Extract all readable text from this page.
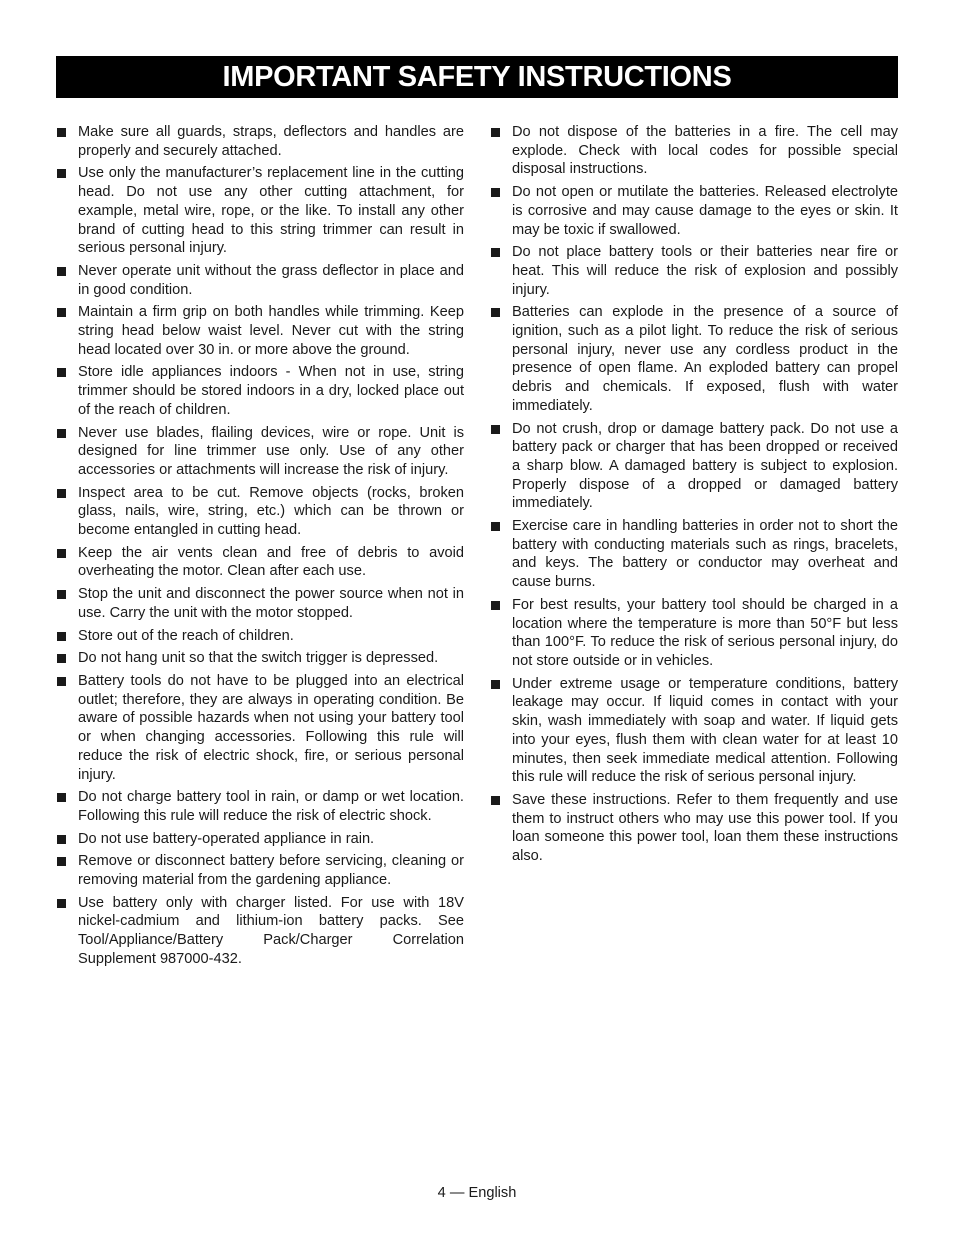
IMPORTANT SAFETY INSTRUCTIONS
Make sure all guards, straps, deflectors and handles are properly and securely attached.
Use only the manufacturer’s replacement line in the cutting head. Do not use any other cutting attachment, for example, metal wire, rope, or the like. To install any other brand of cutting head to this string trimmer can result in serious personal injury.
Never operate unit without the grass deflector in place and in good condition.
Maintain a firm grip on both handles while trimming. Keep string head below waist level. Never cut with the string head located over 30 in. or more above the ground.
Store idle appliances indoors - When not in use, string trimmer should be stored indoors in a dry, locked place out of the reach of children.
Never use blades, flailing devices, wire or rope. Unit is designed for line trimmer use only. Use of any other accessories or attachments will increase the risk of injury.
Inspect area to be cut. Remove objects (rocks, broken glass, nails, wire, string, etc.) which can be thrown or become entangled in cutting head.
Keep the air vents clean and free of debris to avoid overheating the motor. Clean after each use.
Stop the unit and disconnect the power source when not in use. Carry the unit with the motor stopped.
Store out of the reach of children.
Do not hang unit so that the switch trigger is depressed.
Battery tools do not have to be plugged into an electrical outlet; therefore, they are always in operating condition. Be aware of possible hazards when not using your battery tool or when changing accessories. Following this rule will reduce the risk of electric shock, fire, or serious personal injury.
Do not charge battery tool in rain, or damp or wet location. Following this rule will reduce the risk of electric shock.
Do not use battery-operated appliance in rain.
Remove or disconnect battery before servicing, cleaning or removing material from the gardening appliance.
Use battery only with charger listed. For use with 18V nickel-cadmium and lithium-ion battery packs. See Tool/Appliance/Battery Pack/Charger Correlation Supplement 987000-432.
Do not dispose of the batteries in a fire. The cell may explode. Check with local codes for possible special disposal instructions.
Do not open or mutilate the batteries. Released electrolyte is corrosive and may cause damage to the eyes or skin. It may be toxic if swallowed.
Do not place battery tools or their batteries near fire or heat. This will reduce the risk of explosion and possibly injury.
Batteries can explode in the presence of a source of ignition, such as a pilot light. To reduce the risk of serious personal injury, never use any cordless product in the presence of open flame. An exploded battery can propel debris and chemicals. If exposed, flush with water immediately.
Do not crush, drop or damage battery pack. Do not use a battery pack or charger that has been dropped or received a sharp blow. A damaged battery is subject to explosion. Properly dispose of a dropped or damaged battery immediately.
Exercise care in handling batteries in order not to short the battery with conducting materials such as rings, bracelets, and keys. The battery or conductor may overheat and cause burns.
For best results, your battery tool should be charged in a location where the temperature is more than 50°F but less than 100°F. To reduce the risk of serious personal injury, do not store outside or in vehicles.
Under extreme usage or temperature conditions, battery leakage may occur. If liquid comes in contact with your skin, wash immediately with soap and water. If liquid gets into your eyes, flush them with clean water for at least 10 minutes, then seek immediate medical attention. Following this rule will reduce the risk of serious personal injury.
Save these instructions. Refer to them frequently and use them to instruct others who may use this power tool. If you loan someone this power tool, loan them these instructions also.
4 — English
